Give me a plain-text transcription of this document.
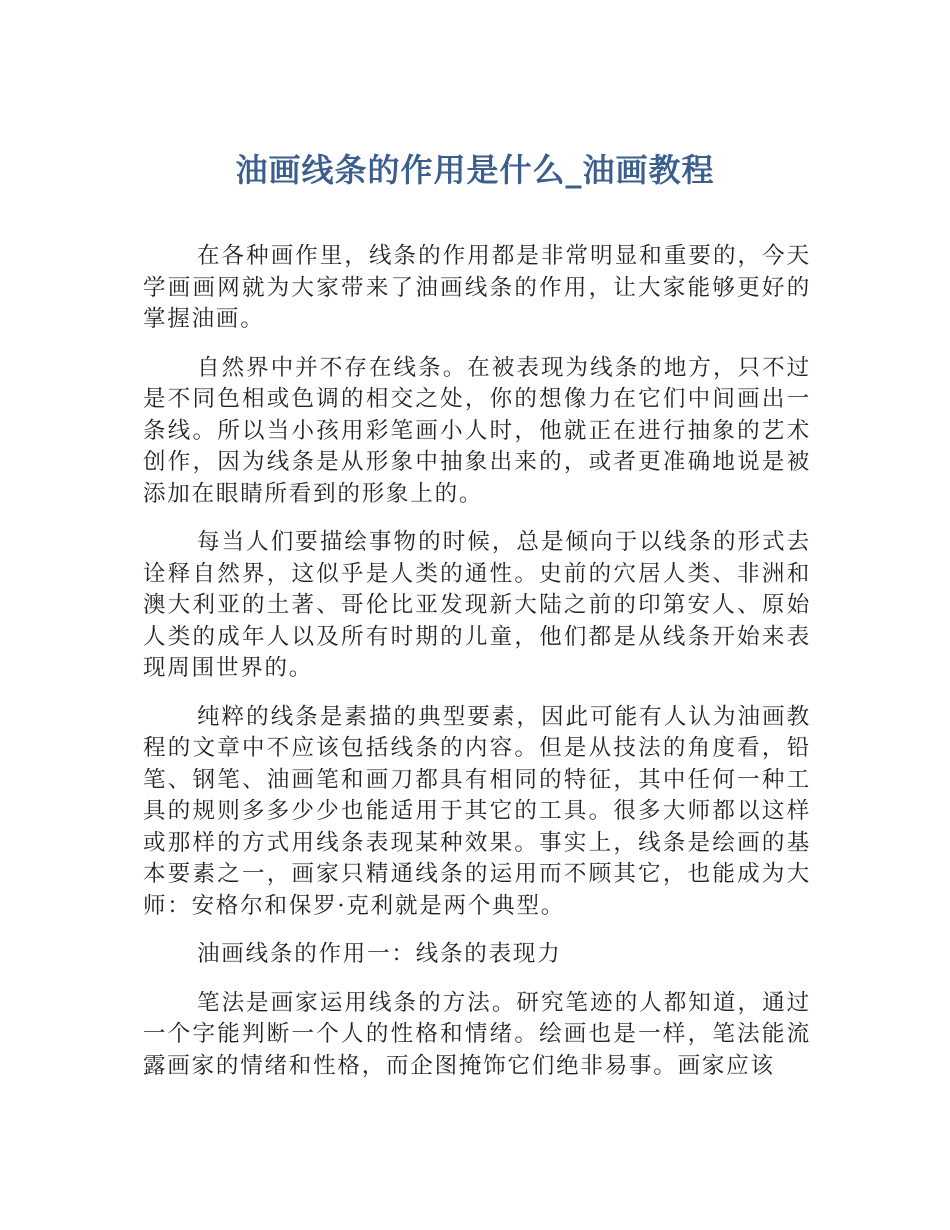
油画线条的作用是什么_油画教程

在各种画作里，线条的作用都是非常明显和重要的，今天学画画网就为大家带来了油画线条的作用，让大家能够更好的掌握油画。

自然界中并不存在线条。在被表现为线条的地方，只不过是不同色相或色调的相交之处，你的想像力在它们中间画出一条线。所以当小孩用彩笔画小人时，他就正在进行抽象的艺术创作，因为线条是从形象中抽象出来的，或者更准确地说是被添加在眼睛所看到的形象上的。

每当人们要描绘事物的时候，总是倾向于以线条的形式去诠释自然界，这似乎是人类的通性。史前的穴居人类、非洲和澳大利亚的土著、哥伦比亚发现新大陆之前的印第安人、原始人类的成年人以及所有时期的儿童，他们都是从线条开始来表现周围世界的。

纯粹的线条是素描的典型要素，因此可能有人认为油画教程的文章中不应该包括线条的内容。但是从技法的角度看，铅笔、钢笔、油画笔和画刀都具有相同的特征，其中任何一种工具的规则多多少少也能适用于其它的工具。很多大师都以这样或那样的方式用线条表现某种效果。事实上，线条是绘画的基本要素之一，画家只精通线条的运用而不顾其它，也能成为大师：安格尔和保罗·克利就是两个典型。

油画线条的作用一：线条的表现力

笔法是画家运用线条的方法。研究笔迹的人都知道，通过一个字能判断一个人的性格和情绪。绘画也是一样，笔法能流露画家的情绪和性格，而企图掩饰它们绝非易事。画家应该
